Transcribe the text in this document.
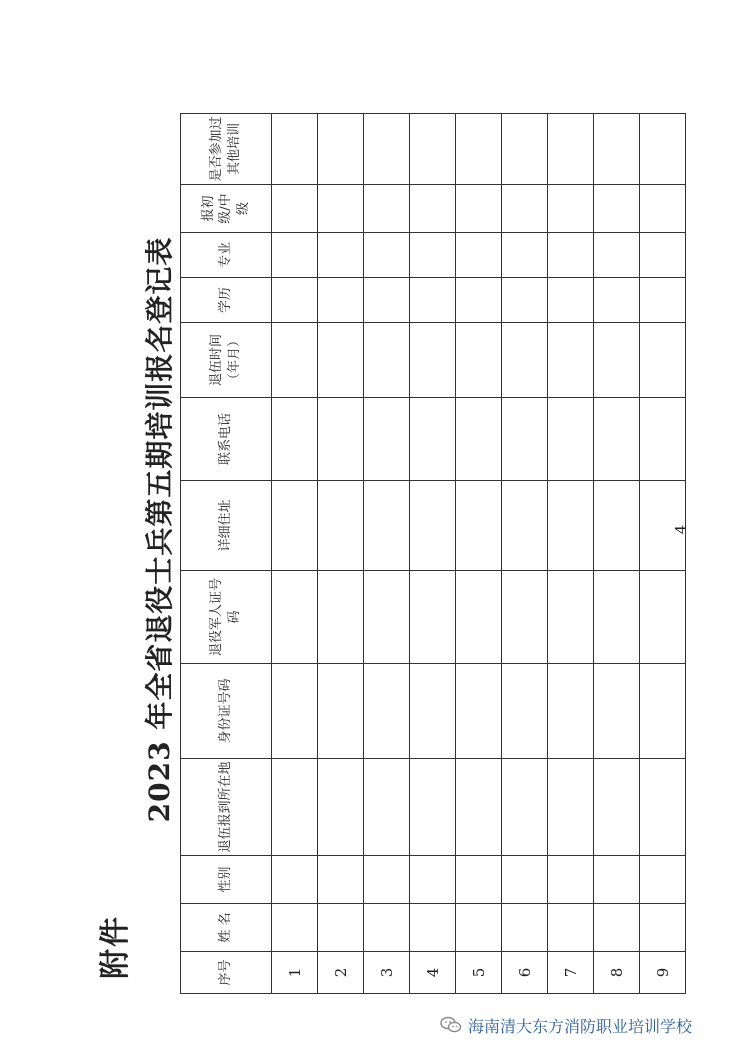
附件
2023 年全省退役士兵第五期培训报名登记表
序号	姓 名	性别	退伍报到所在地	身份证号码	退役军人证号码	详细住址	联系电话	退伍时间（年月）	学历	专业	报初级/中级	是否参加过其他培训
1												
2												
3												
4												
5												
6												
7												
8												
9												
4
海南清大东方消防职业培训学校
